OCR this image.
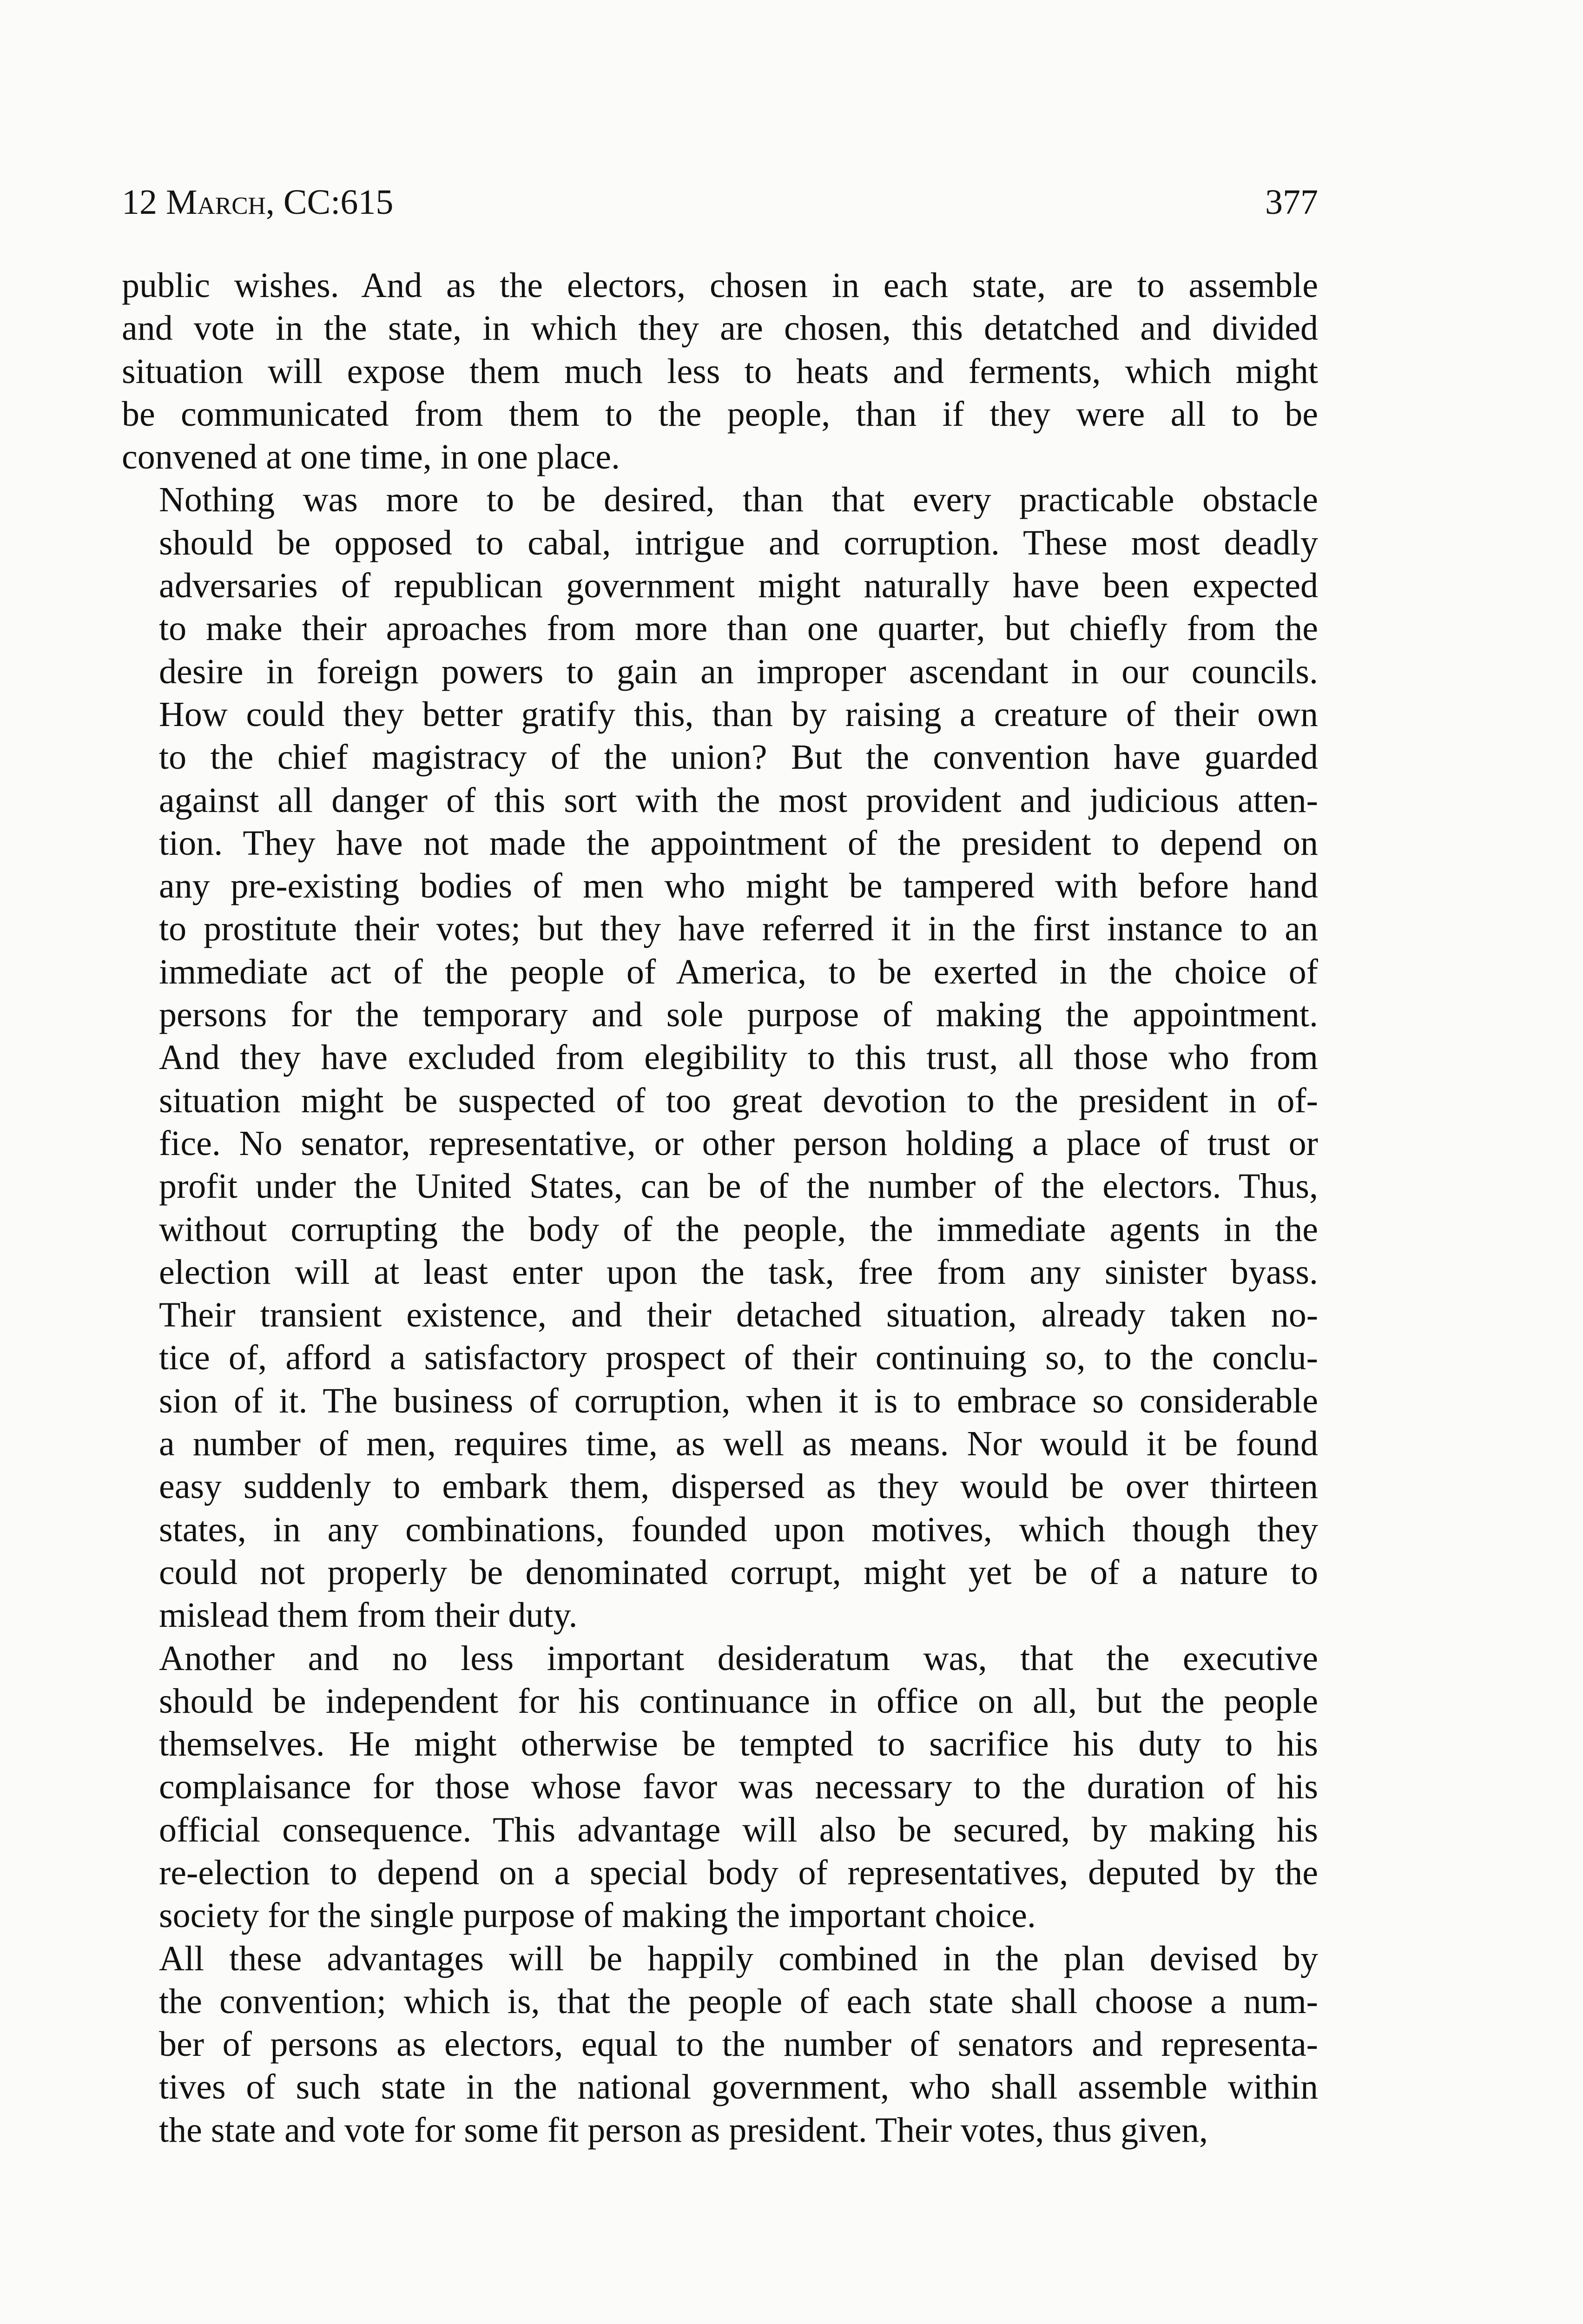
12 March, CC:615	377
public wishes. And as the electors, chosen in each state, are to assemble
and vote in the state, in which they are chosen, this detatched and divided
situation will expose them much less to heats and ferments, which might
be communicated from them to the people, than if they were all to be
convened at one time, in one place.
Nothing was more to be desired, than that every practicable obstacle
should be opposed to cabal, intrigue and corruption. These most deadly
adversaries of republican government might naturally have been expected
to make their aproaches from more than one quarter, but chiefly from the
desire in foreign powers to gain an improper ascendant in our councils.
How could they better gratify this, than by raising a creature of their own
to the chief magistracy of the union? But the convention have guarded
against all danger of this sort with the most provident and judicious atten-
tion. They have not made the appointment of the president to depend on
any pre-existing bodies of men who might be tampered with before hand
to prostitute their votes; but they have referred it in the first instance to an
immediate act of the people of America, to be exerted in the choice of
persons for the temporary and sole purpose of making the appointment.
And they have excluded from elegibility to this trust, all those who from
situation might be suspected of too great devotion to the president in of-
fice. No senator, representative, or other person holding a place of trust or
profit under the United States, can be of the number of the electors. Thus,
without corrupting the body of the people, the immediate agents in the
election will at least enter upon the task, free from any sinister byass.
Their transient existence, and their detached situation, already taken no-
tice of, afford a satisfactory prospect of their continuing so, to the conclu-
sion of it. The business of corruption, when it is to embrace so considerable
a number of men, requires time, as well as means. Nor would it be found
easy suddenly to embark them, dispersed as they would be over thirteen
states, in any combinations, founded upon motives, which though they
could not properly be denominated corrupt, might yet be of a nature to
mislead them from their duty.
Another and no less important desideratum was, that the executive
should be independent for his continuance in office on all, but the people
themselves. He might otherwise be tempted to sacrifice his duty to his
complaisance for those whose favor was necessary to the duration of his
official consequence. This advantage will also be secured, by making his
re-election to depend on a special body of representatives, deputed by the
society for the single purpose of making the important choice.
All these advantages will be happily combined in the plan devised by
the convention; which is, that the people of each state shall choose a num-
ber of persons as electors, equal to the number of senators and representa-
tives of such state in the national government, who shall assemble within
the state and vote for some fit person as president. Their votes, thus given,
